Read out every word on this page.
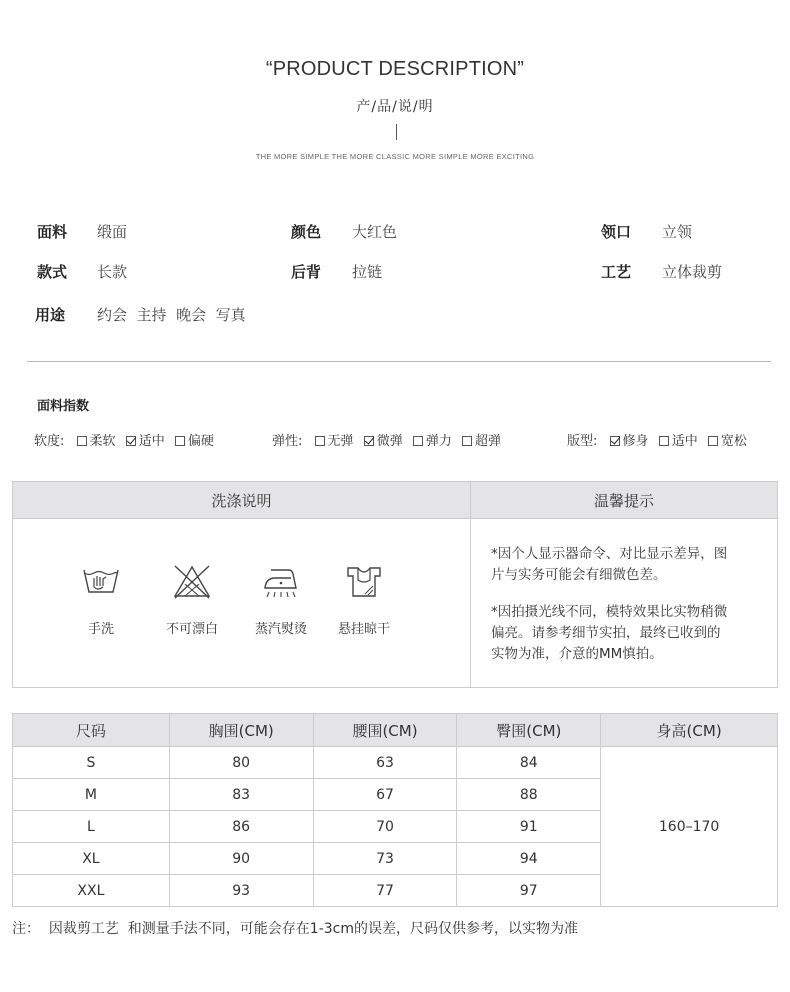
“PRODUCT DESCRIPTION”
产/品/说/明
THE MORE SIMPLE THE MORE CLASSIC MORE SIMPLE MORE EXCITING
面料 缎面	颜色 大红色	领口 立领
款式 长款	后背 拉链	工艺 立体裁剪
用途 约会  主持  晚会  写真
面料指数
软度: 柔软 适中 偏硬	弹性: 无弹 微弹 弹力 超弹	版型: 修身 适中 宽松
洗涤说明	温馨提示
手洗	不可漂白	蒸汽熨烫	悬挂晾干
*因个人显示器命令、对比显示差异，图
片与实务可能会有细微色差。
*因拍摄光线不同，模特效果比实物稍微
偏亮。请参考细节实拍，最终已收到的
实物为准，介意的MM慎拍。
尺码	胸围(CM)	腰围(CM)	臀围(CM)	身高(CM)
S	80	63	84	160–170
M	83	67	88	
L	86	70	91	
XL	90	73	94	
XXL	93	77	97	
注：  因裁剪工艺  和测量手法不同，可能会存在1-3cm的误差，尺码仅供参考，以实物为准
